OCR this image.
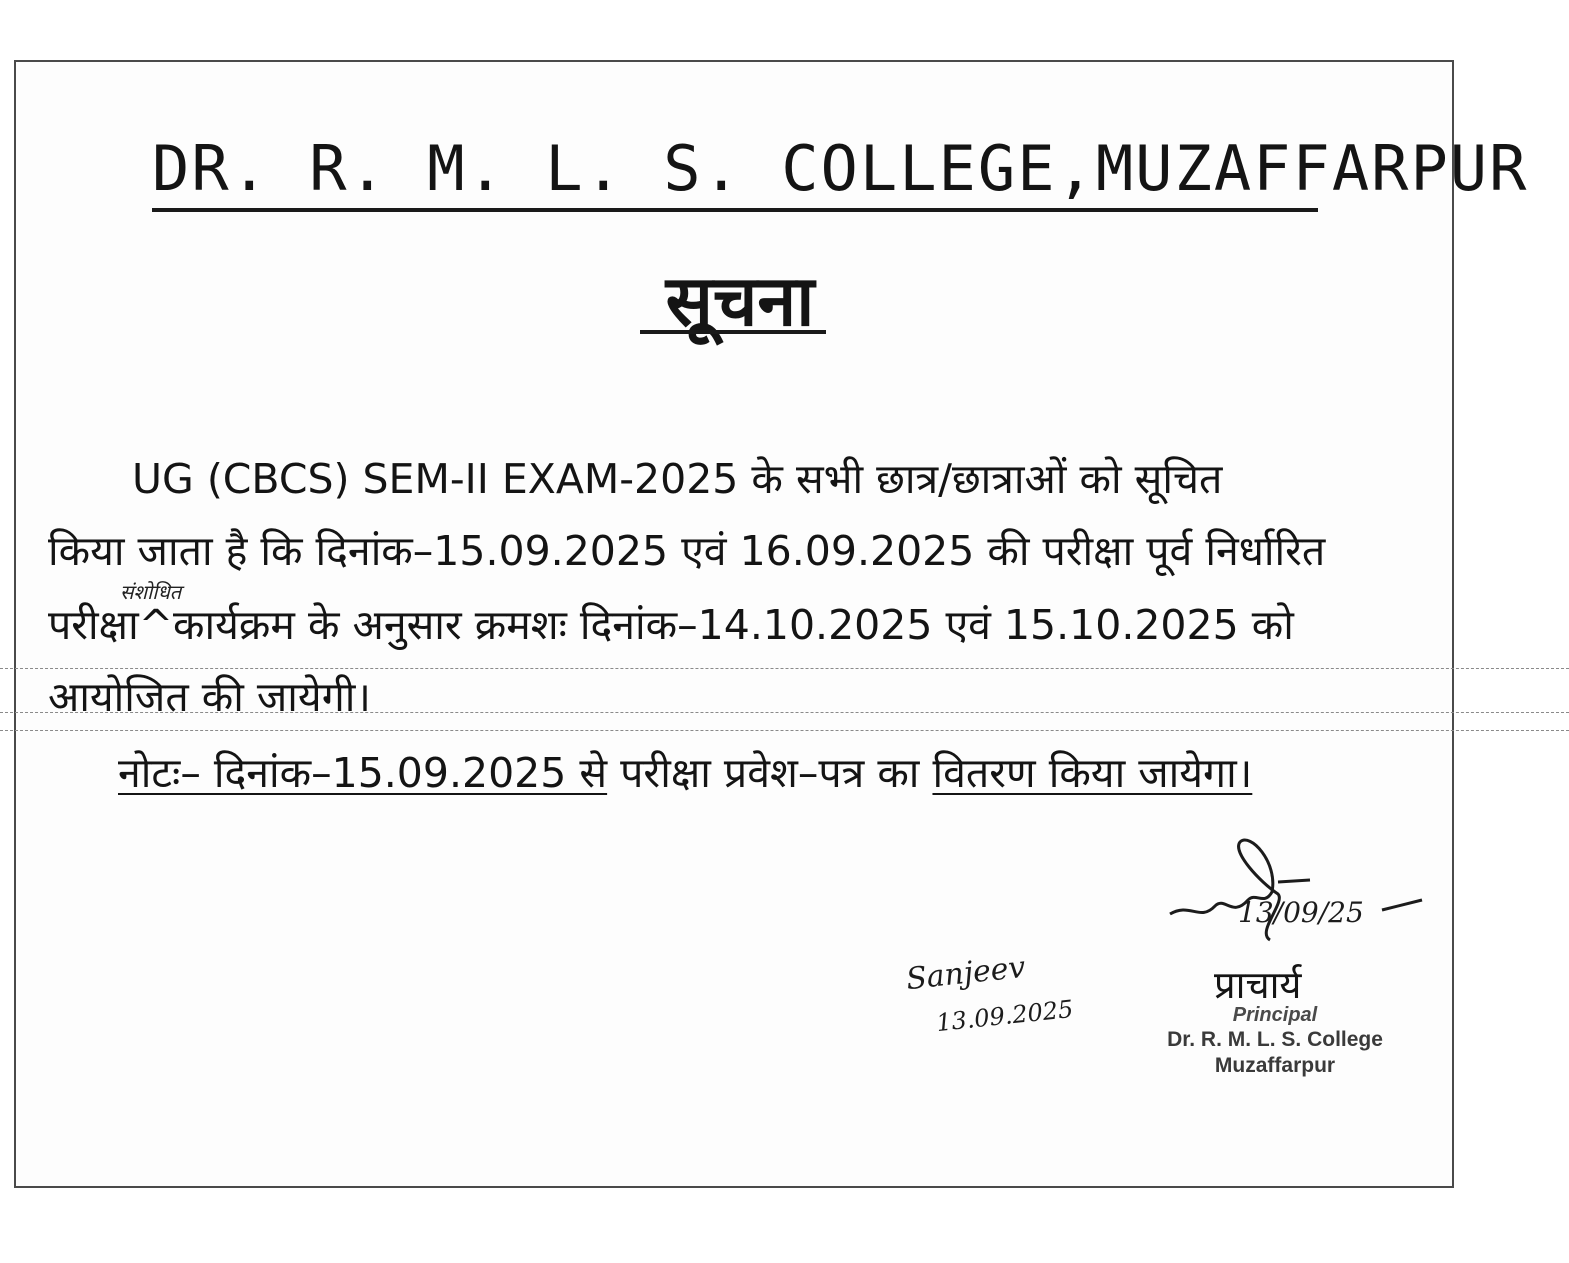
DR. R. M. L. S. COLLEGE,MUZAFFARPUR
सूचना
UG (CBCS) SEM-II EXAM-2025 के सभी छात्र/छात्राओं को सूचित
किया जाता है कि दिनांक–15.09.2025 एवं 16.09.2025 की परीक्षा पूर्व निर्धारित
संशोधित
परीक्षा^कार्यक्रम के अनुसार क्रमशः दिनांक–14.10.2025 एवं 15.10.2025 को
आयोजित की जायेगी।
नोटः– दिनांक–15.09.2025 से परीक्षा प्रवेश–पत्र का वितरण किया जायेगा।
Sanjeev
13.09.2025
13/09/25
प्राचार्य
Principal
Dr. R. M. L. S. College
Muzaffarpur
